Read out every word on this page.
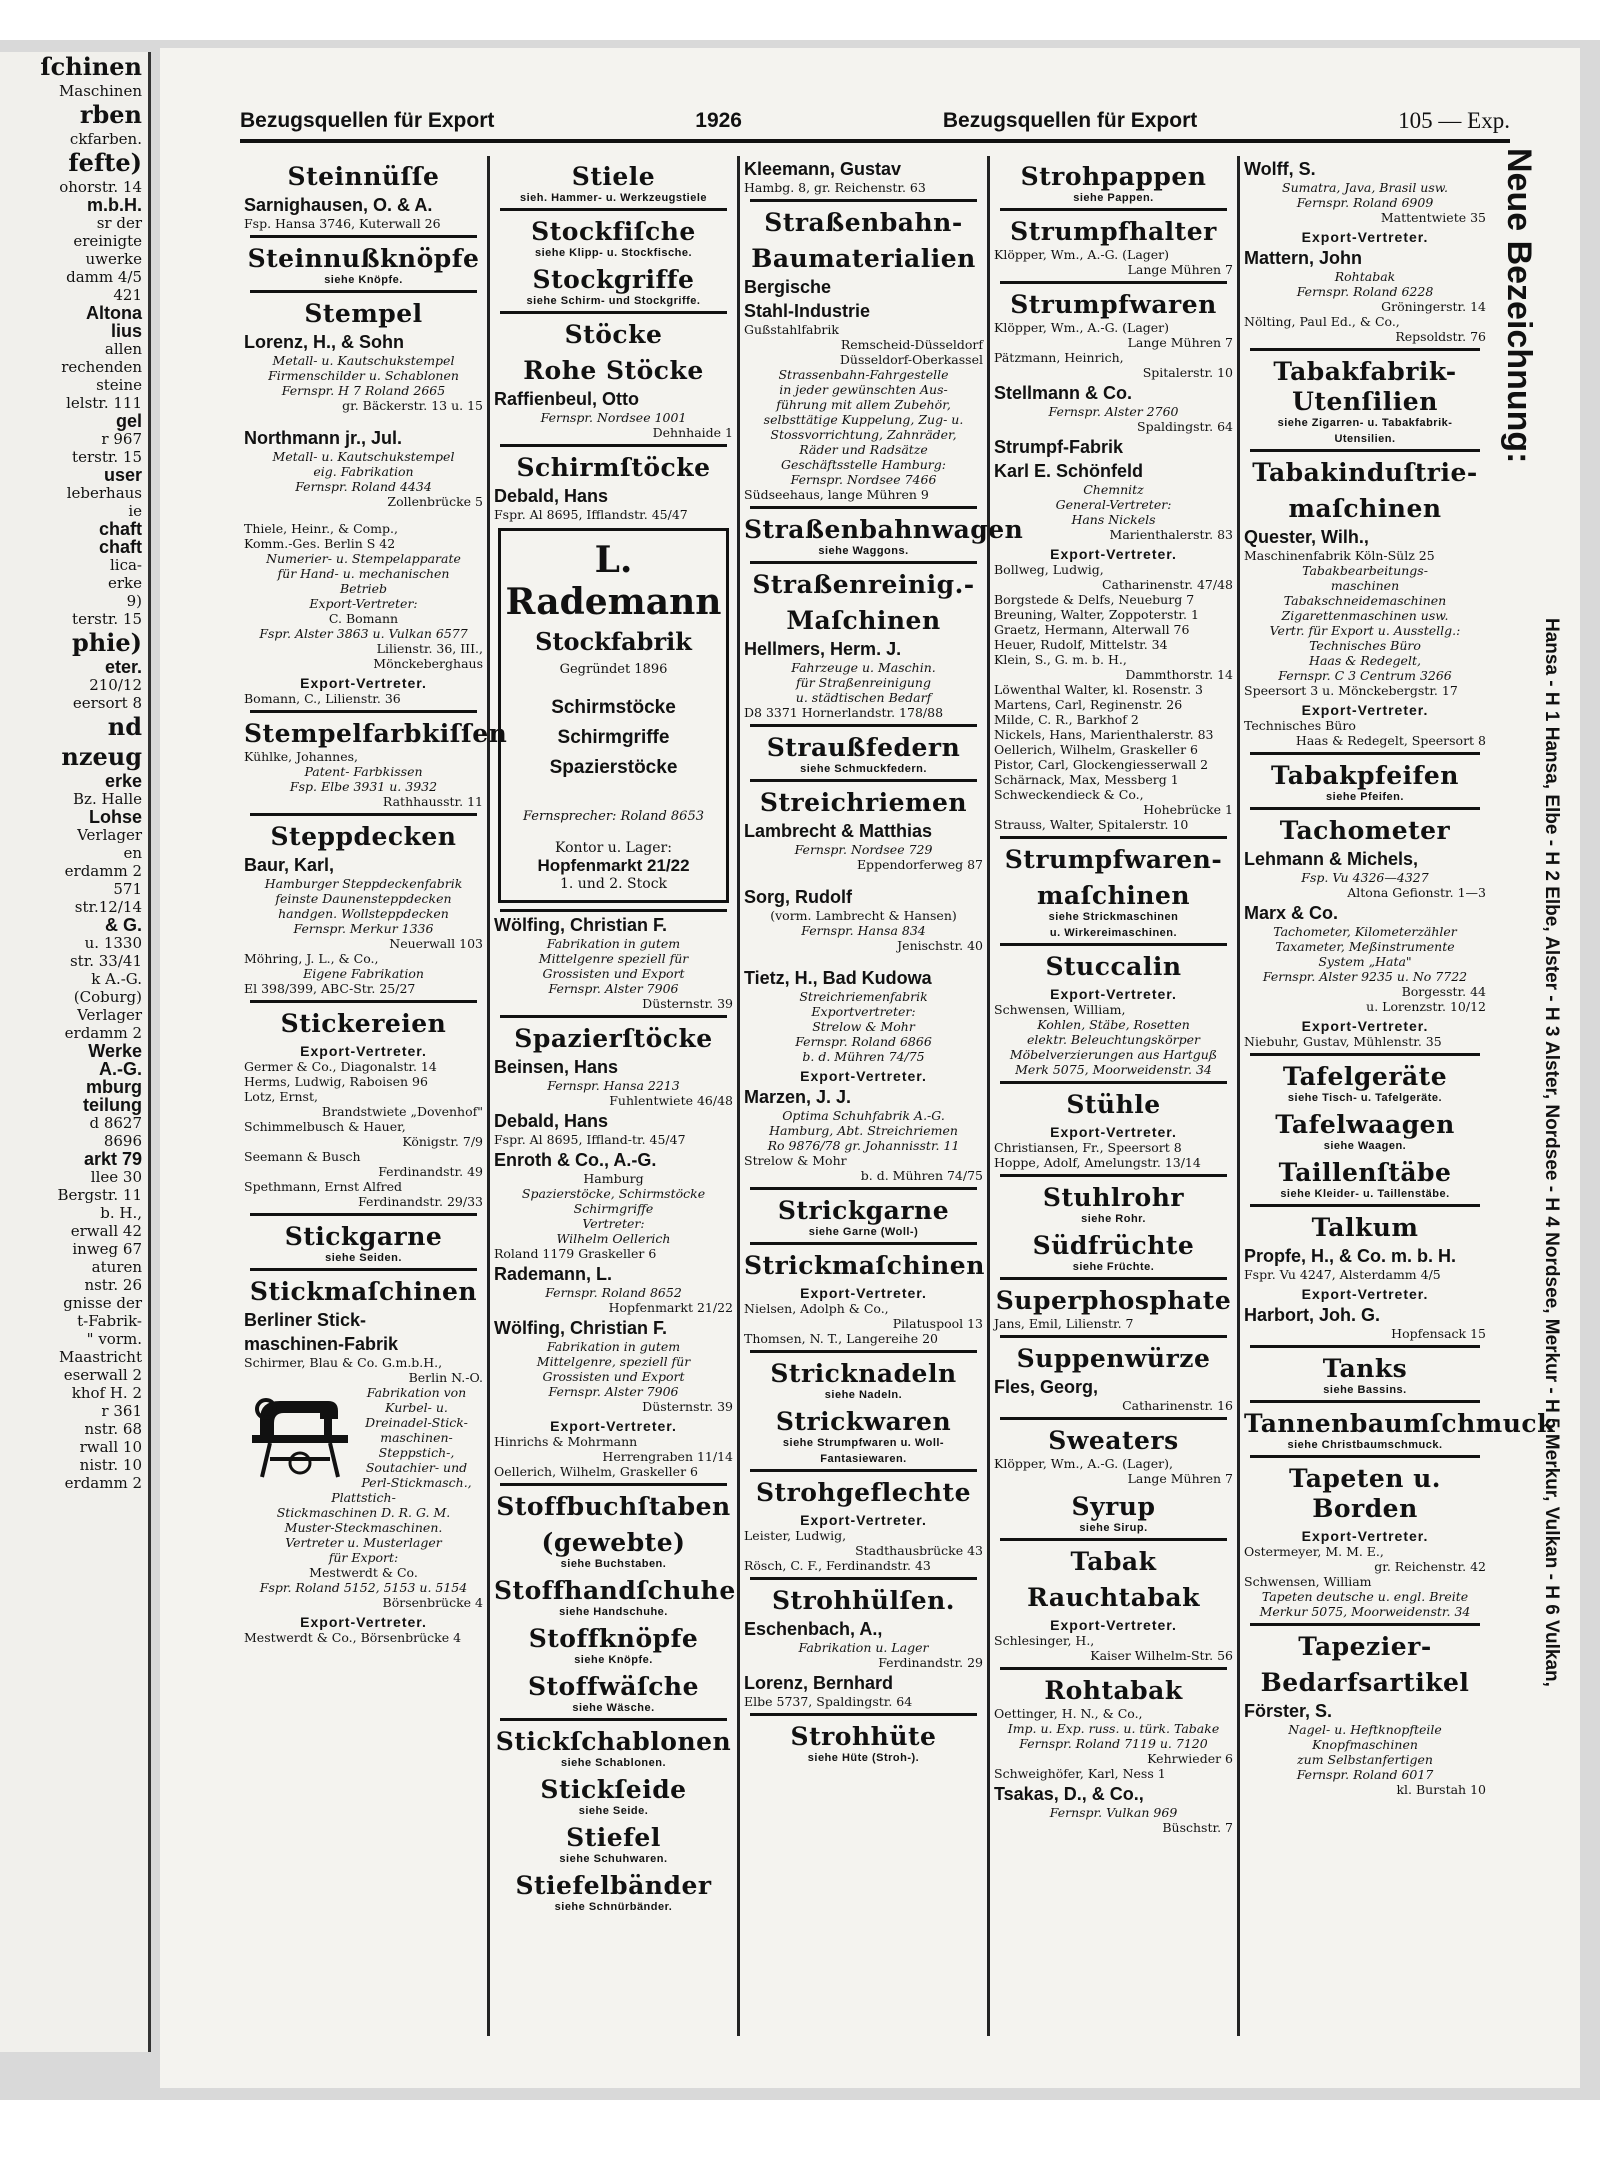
ſchinen
Maschinen
rben
ckfarben.
fefte)
ohorstr. 14
m.b.H.
sr der
ereinigte
uwerke
damm 4/5
421
Altona
lius
allen
rechenden
steine
lelstr. 111
gel
r 967
terstr. 15
user
leberhaus
ie
chaft
chaft
lica-
erke
9)
terstr. 15
phie)
eter.
210/12
eersort 8
nd
nzeug
erke
Bz. Halle
Lohse
Verlager
en
erdamm 2
571
str.12/14
& G.
u. 1330
str. 33/41
k A.-G.
(Coburg)
Verlager
erdamm 2
Werke
A.-G.
mburg
teilung
d 8627
8696
arkt 79
llee 30
Bergstr. 11
b. H.,
erwall 42
inweg 67
aturen
nstr. 26
gnisse der
t-Fabrik-
" vorm.
Maastricht
eserwall 2
khof H. 2
r 361
nstr. 68
rwall 10
nistr. 10
erdamm 2
Bezugsquellen für Export	1926	Bezugsquellen für Export	105 — Exp.
Steinnüſſe
Sarnighausen, O. & A.
Fsp. Hansa 3746, Kuterwall 26
Steinnußknöpfe
siehe Knöpfe.
Stempel
Lorenz, H., & Sohn
Metall- u. Kautschukstempel
Firmenschilder u. Schablonen
Fernspr. H 7 Roland 2665
gr. Bäckerstr. 13 u. 15
Northmann jr., Jul.
Metall- u. Kautschukstempel
eig. Fabrikation
Fernspr. Roland 4434
Zollenbrücke 5
Thiele, Heinr., & Comp.,
Komm.-Ges. Berlin S 42
Numerier- u. Stempelapparate
für Hand- u. mechanischen
Betrieb
Export-Vertreter:
C. Bomann
Fspr. Alster 3863 u. Vulkan 6577
Lilienstr. 36, III.,
Mönckeberghaus
Export-Vertreter.
Bomann, C., Lilienstr. 36
Stempelfarbkiſſen
Kühlke, Johannes,
Patent- Farbkissen
Fsp. Elbe 3931 u. 3932
Rathhausstr. 11
Steppdecken
Baur, Karl,
Hamburger Steppdeckenfabrik
feinste Daunensteppdecken
handgen. Wollsteppdecken
Fernspr. Merkur 1336
Neuerwall 103
Möhring, J. L., & Co.,
Eigene Fabrikation
El 398/399, ABC-Str. 25/27
Stickereien
Export-Vertreter.
Germer & Co., Diagonalstr. 14
Herms, Ludwig, Raboisen 96
Lotz, Ernst,
Brandstwiete „Dovenhof"
Schimmelbusch & Hauer,
Königstr. 7/9
Seemann & Busch
Ferdinandstr. 49
Spethmann, Ernst Alfred
Ferdinandstr. 29/33
Stickgarne
siehe Seiden.
Stickmaſchinen
Berliner Stick-
maschinen-Fabrik
Schirmer, Blau & Co. G.m.b.H.,
Berlin N.-O.
Fabrikation von
Kurbel- u.
Dreinadel-Stick-
maschinen-
Steppstich-,
Soutachier- und
Perl-Stickmasch.,
Plattstich-
Stickmaschinen D. R. G. M.
Muster-Steckmaschinen.
Vertreter u. Musterlager
für Export:
Mestwerdt & Co.
Fspr. Roland 5152, 5153 u. 5154
Börsenbrücke 4
Export-Vertreter.
Mestwerdt & Co., Börsenbrücke 4
Stiele
sieh. Hammer- u. Werkzeugstiele
Stockfiſche
siehe Klipp- u. Stockfische.
Stockgriffe
siehe Schirm- und Stockgriffe.
Stöcke
Rohe Stöcke
Raffienbeul, Otto
Fernspr. Nordsee 1001
Dehnhaide 1
Schirmſtöcke
Debald, Hans
Fspr. Al 8695, Ifflandstr. 45/47
L. Rademann
Stockfabrik
Gegründet 1896
Schirmstöcke
Schirmgriffe
Spazierstöcke
Fernsprecher: Roland 8653
Kontor u. Lager:
Hopfenmarkt 21/22
1. und 2. Stock
Wölfing, Christian F.
Fabrikation in gutem
Mittelgenre speziell für
Grossisten und Export
Fernspr. Alster 7906
Düsternstr. 39
Spazierſtöcke
Beinsen, Hans
Fernspr. Hansa 2213
Fuhlentwiete 46/48
Debald, Hans
Fspr. Al 8695, Iffland-tr. 45/47
Enroth & Co., A.-G.
Hamburg
Spazierstöcke, Schirmstöcke
Schirmgriffe
Vertreter:
Wilhelm Oellerich
Roland 1179 Graskeller 6
Rademann, L.
Fernspr. Roland 8652
Hopfenmarkt 21/22
Wölfing, Christian F.
Fabrikation in gutem
Mittelgenre, speziell für
Grossisten und Export
Fernspr. Alster 7906
Düsternstr. 39
Export-Vertreter.
Hinrichs & Mohrmann
Herrengraben 11/14
Oellerich, Wilhelm, Graskeller 6
Stoffbuchſtaben
(gewebte)
siehe Buchstaben.
Stoffhandſchuhe
siehe Handschuhe.
Stoffknöpfe
siehe Knöpfe.
Stoffwäſche
siehe Wäsche.
Stickſchablonen
siehe Schablonen.
Stickſeide
siehe Seide.
Stiefel
siehe Schuhwaren.
Stiefelbänder
siehe Schnürbänder.
Kleemann, Gustav
Hambg. 8, gr. Reichenstr. 63
Straßenbahn-
Baumaterialien
Bergische
Stahl-Industrie
Gußstahlfabrik
Remscheid-Düsseldorf
Düsseldorf-Oberkassel
Strassenbahn-Fahrgestelle
in jeder gewünschten Aus-
führung mit allem Zubehör,
selbsttätige Kuppelung, Zug- u.
Stossvorrichtung, Zahnräder,
Räder und Radsätze
Geschäftsstelle Hamburg:
Fernspr. Nordsee 7466
Südseehaus, lange Mühren 9
Straßenbahnwagen
siehe Waggons.
Straßenreinig.-
Maſchinen
Hellmers, Herm. J.
Fahrzeuge u. Maschin.
für Straßenreinigung
u. städtischen Bedarf
D8 3371 Hornerlandstr. 178/88
Straußfedern
siehe Schmuckfedern.
Streichriemen
Lambrecht & Matthias
Fernspr. Nordsee 729
Eppendorferweg 87
Sorg, Rudolf
(vorm. Lambrecht & Hansen)
Fernspr. Hansa 834
Jenischstr. 40
Tietz, H., Bad Kudowa
Streichriemenfabrik
Exportvertreter:
Strelow & Mohr
Fernspr. Roland 6866
b. d. Mühren 74/75
Export-Vertreter.
Marzen, J. J.
Optima Schuhfabrik A.-G.
Hamburg, Abt. Streichriemen
Ro 9876/78 gr. Johannisstr. 11
Strelow & Mohr
b. d. Mühren 74/75
Strickgarne
siehe Garne (Woll-)
Strickmaſchinen
Export-Vertreter.
Nielsen, Adolph & Co.,
Pilatuspool 13
Thomsen, N. T., Langereihe 20
Stricknadeln
siehe Nadeln.
Strickwaren
siehe Strumpfwaren u. Woll-
Fantasiewaren.
Strohgeflechte
Export-Vertreter.
Leister, Ludwig,
Stadthausbrücke 43
Rösch, C. F., Ferdinandstr. 43
Strohhülſen.
Eschenbach, A.,
Fabrikation u. Lager
Ferdinandstr. 29
Lorenz, Bernhard
Elbe 5737, Spaldingstr. 64
Strohhüte
siehe Hüte (Stroh-).
Strohpappen
siehe Pappen.
Strumpfhalter
Klöpper, Wm., A.-G. (Lager)
Lange Mühren 7
Strumpfwaren
Klöpper, Wm., A.-G. (Lager)
Lange Mühren 7
Pätzmann, Heinrich,
Spitalerstr. 10
Stellmann & Co.
Fernspr. Alster 2760
Spaldingstr. 64
Strumpf-Fabrik
Karl E. Schönfeld
Chemnitz
General-Vertreter:
Hans Nickels
Marienthalerstr. 83
Export-Vertreter.
Bollweg, Ludwig,
Catharinenstr. 47/48
Borgstede & Delfs, Neueburg 7
Breuning, Walter, Zoppoterstr. 1
Graetz, Hermann, Alterwall 76
Heuer, Rudolf, Mittelstr. 34
Klein, S., G. m. b. H.,
Dammthorstr. 14
Löwenthal Walter, kl. Rosenstr. 3
Martens, Carl, Reginenstr. 26
Milde, C. R., Barkhof 2
Nickels, Hans, Marienthalerstr. 83
Oellerich, Wilhelm, Graskeller 6
Pistor, Carl, Glockengiesserwall 2
Schärnack, Max, Messberg 1
Schweckendieck & Co.,
Hohebrücke 1
Strauss, Walter, Spitalerstr. 10
Strumpfwaren-
maſchinen
siehe Strickmaschinen
u. Wirkereimaschinen.
Stuccalin
Export-Vertreter.
Schwensen, William,
Kohlen, Stäbe, Rosetten
elektr. Beleuchtungskörper
Möbelverzierungen aus Hartguß
Merk 5075, Moorweidenstr. 34
Stühle
Export-Vertreter.
Christiansen, Fr., Speersort 8
Hoppe, Adolf, Amelungstr. 13/14
Stuhlrohr
siehe Rohr.
Südfrüchte
siehe Früchte.
Superphosphate
Jans, Emil, Lilienstr. 7
Suppenwürze
Fles, Georg,
Catharinenstr. 16
Sweaters
Klöpper, Wm., A.-G. (Lager),
Lange Mühren 7
Syrup
siehe Sirup.
Tabak
Rauchtabak
Export-Vertreter.
Schlesinger, H.,
Kaiser Wilhelm-Str. 56
Rohtabak
Oettinger, H. N., & Co.,
Imp. u. Exp. russ. u. türk. Tabake
Fernspr. Roland 7119 u. 7120
Kehrwieder 6
Schweighöfer, Karl, Ness 1
Tsakas, D., & Co.,
Fernspr. Vulkan 969
Büschstr. 7
Wolff, S.
Sumatra, Java, Brasil usw.
Fernspr. Roland 6909
Mattentwiete 35
Export-Vertreter.
Mattern, John
Rohtabak
Fernspr. Roland 6228
Gröningerstr. 14
Nölting, Paul Ed., & Co.,
Repsoldstr. 76
Tabakfabrik-Utenſilien
siehe Zigarren- u. Tabakfabrik-
Utensilien.
Tabakinduſtrie-
maſchinen
Quester, Wilh.,
Maschinenfabrik Köln-Sülz 25
Tabakbearbeitungs-
maschinen
Tabakschneidemaschinen
Zigarettenmaschinen usw.
Vertr. für Export u. Ausstellg.:
Technisches Büro
Haas & Redegelt,
Fernspr. C 3 Centrum 3266
Speersort 3 u. Mönckebergstr. 17
Export-Vertreter.
Technisches Büro
Haas & Redegelt, Speersort 8
Tabakpfeifen
siehe Pfeifen.
Tachometer
Lehmann & Michels,
Fsp. Vu 4326—4327
Altona Gefionstr. 1—3
Marx & Co.
Tachometer, Kilometerzähler
Taxameter, Meßinstrumente
System „Hata"
Fernspr. Alster 9235 u. No 7722
Borgesstr. 44
u. Lorenzstr. 10/12
Export-Vertreter.
Niebuhr, Gustav, Mühlenstr. 35
Tafelgeräte
siehe Tisch- u. Tafelgeräte.
Tafelwaagen
siehe Waagen.
Taillenſtäbe
siehe Kleider- u. Taillenstäbe.
Talkum
Propfe, H., & Co. m. b. H.
Fspr. Vu 4247, Alsterdamm 4/5
Export-Vertreter.
Harbort, Joh. G.
Hopfensack 15
Tanks
siehe Bassins.
Tannenbaumſchmuck
siehe Christbaumschmuck.
Tapeten u. Borden
Export-Vertreter.
Ostermeyer, M. M. E.,
gr. Reichenstr. 42
Schwensen, William
Tapeten deutsche u. engl. Breite
Merkur 5075, Moorweidenstr. 34
Tapezier-
Bedarfsartikel
Förster, S.
Nagel- u. Heftknopfteile
Knopfmaschinen
zum Selbstanfertigen
Fernspr. Roland 6017
kl. Burstah 10
Neue Bezeichnung:
Hansa - H 1 Hansa, Elbe - H 2 Elbe, Alster - H 3 Alster, Nordsee - H 4 Nordsee, Merkur - H 5 Merkur, Vulkan - H 6 Vulkan,
